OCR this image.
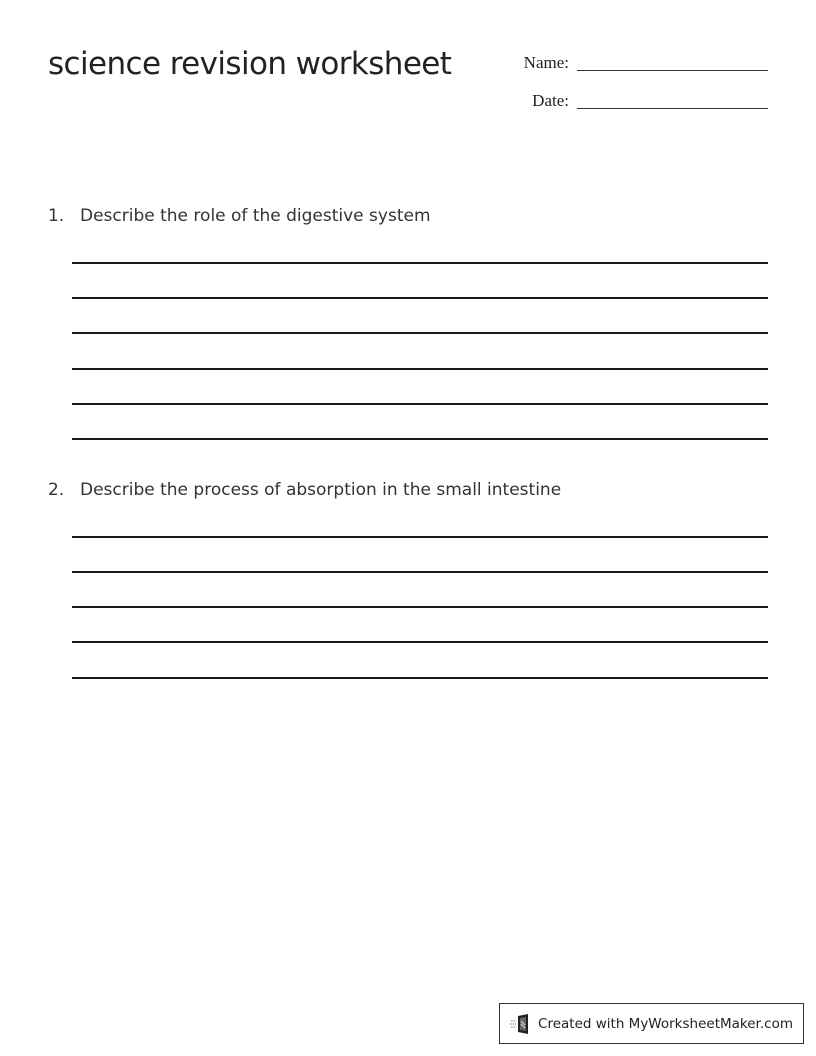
science revision worksheet	Name:
Date:
1. Describe the role of the digestive system
2. Describe the process of absorption in the small intestine
Created with MyWorksheetMaker.com
